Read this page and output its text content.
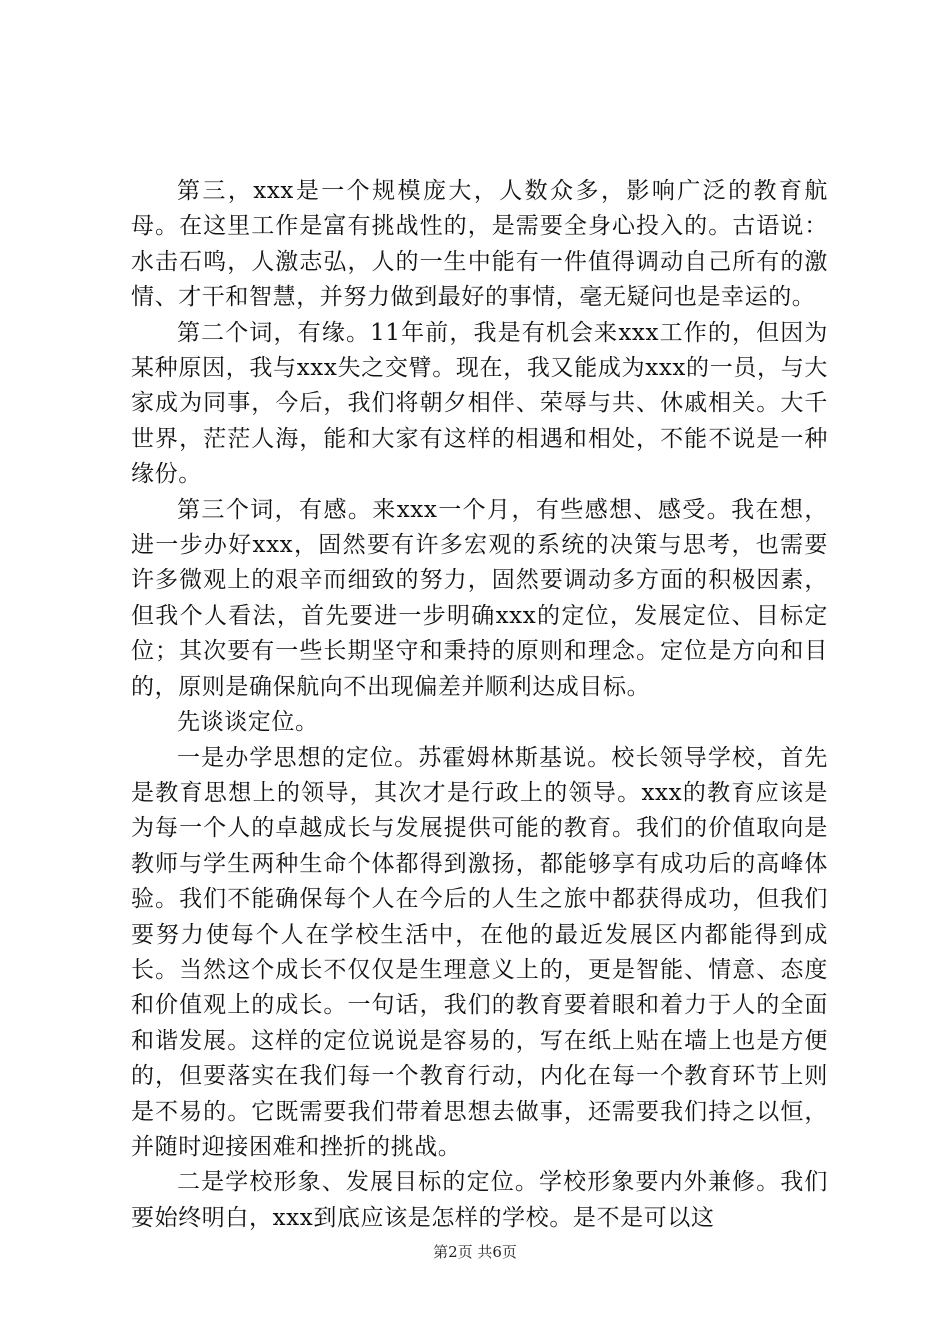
第三，xxx是一个规模庞大，人数众多，影响广泛的教育航母。在这里工作是富有挑战性的，是需要全身心投入的。古语说：水击石鸣，人激志弘，人的一生中能有一件值得调动自己所有的激情、才干和智慧，并努力做到最好的事情，毫无疑问也是幸运的。

第二个词，有缘。11年前，我是有机会来xxx工作的，但因为某种原因，我与xxx失之交臂。现在，我又能成为xxx的一员，与大家成为同事，今后，我们将朝夕相伴、荣辱与共、休戚相关。大千世界，茫茫人海，能和大家有这样的相遇和相处，不能不说是一种缘份。

第三个词，有感。来xxx一个月，有些感想、感受。我在想，进一步办好xxx，固然要有许多宏观的系统的决策与思考，也需要许多微观上的艰辛而细致的努力，固然要调动多方面的积极因素，但我个人看法，首先要进一步明确xxx的定位，发展定位、目标定位；其次要有一些长期坚守和秉持的原则和理念。定位是方向和目的，原则是确保航向不出现偏差并顺利达成目标。

先谈谈定位。

一是办学思想的定位。苏霍姆林斯基说。校长领导学校，首先是教育思想上的领导，其次才是行政上的领导。xxx的教育应该是为每一个人的卓越成长与发展提供可能的教育。我们的价值取向是教师与学生两种生命个体都得到激扬，都能够享有成功后的高峰体验。我们不能确保每个人在今后的人生之旅中都获得成功，但我们要努力使每个人在学校生活中，在他的最近发展区内都能得到成长。当然这个成长不仅仅是生理意义上的，更是智能、情意、态度和价值观上的成长。一句话，我们的教育要着眼和着力于人的全面和谐发展。这样的定位说说是容易的，写在纸上贴在墙上也是方便的，但要落实在我们每一个教育行动，内化在每一个教育环节上则是不易的。它既需要我们带着思想去做事，还需要我们持之以恒，并随时迎接困难和挫折的挑战。

二是学校形象、发展目标的定位。学校形象要内外兼修。我们要始终明白，xxx到底应该是怎样的学校。是不是可以这

第2页 共6页
